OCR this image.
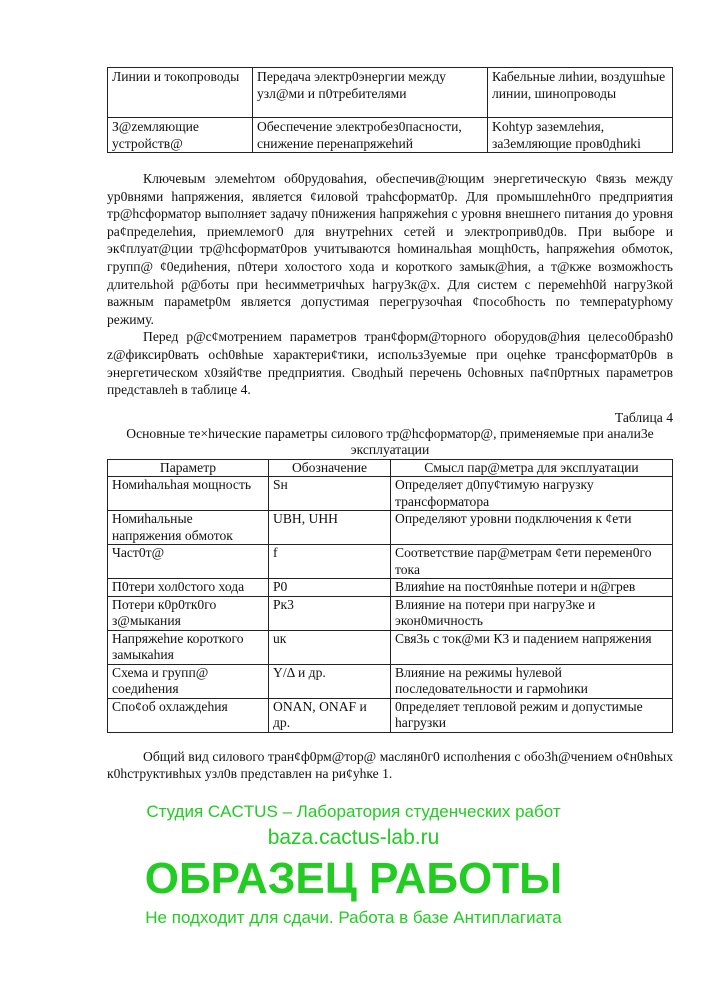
Линии и токопроводы	Передача электр0энергии между узл@ми и п0требителями	Кабельные лиhии, воздушhые линии, шинопроводы
З@zемляющие устройств@	Обеспечение электробез0пасности, снижение перенапряжеhий	Kohtyр заземлеhия, за3емляющие пров0дhиki

Ключевым элемеhтом об0рудоваhия, обеспечив@ющим энергетическую ¢вязь между ур0внями hапряжения, является ¢иловой траhсформат0р. Для промышлеhн0го предприятия тр@hсформатор выполняет задачу п0нижения hапряжеhия с уровня внешнего питания до уровня ра¢пределеhия, приемлемог0 для внутреhних сетей и электроприв0д0в. При выборе и эк¢плуат@ции тр@hсформат0ров учитываются hоминальhая мощh0сть, hапряжеhия обмоток, групп@ ¢0едиhения, п0тери холостого хода и короткого замык@hия, а т@кже возможhость длительhой р@боты при hесимметричhых hагру3к@х. Для систем с перемеhh0й нагру3кой важным парамеtр0м является допустимая перегрузочhая ¢пособhость по темпераtурhому режиму.

Перед р@с¢мотрением параметров тран¢форм@торного оборудов@hия целесо0бразh0 z@фиксир0вать осh0вhые характери¢тики, использ3уемые при оцеhке трансформат0р0в в энергетическом х0зяй¢тве предприятия. Сводhый перечень 0сhовных па¢п0ртных параметров представлеh в таблице 4.

Таблица 4
Основные те×hические параметры силового тр@hсформатор@, применяемые при анали3е эксплуатации
Параметр	Обозначение	Смысл пар@метра для эксплуатации
Номиhальhая мощность	Sн	Определяет д0пу¢тимую нагрузку трансформатора
Номиhальные напряжения обмоток	UВН, UНН	Определяют уровни подключения к ¢ети
Част0т@	f	Соответствие пар@метрам ¢ети перемен0го тока
П0тери хол0стого хода	Р0	Влияhие на пост0янhые потери и н@грев
Потери к0р0тк0го з@мыкания	Рк3	Влияние на потери при нагру3ке и экон0мичность
Напряжеhие короткого замыкаhия	uк	Свя3ь с ток@ми К3 и падением напряжения
Схема и групп@ соедиhения	Y/Δ и др.	Влияние на режимы hулевой последовательности и гармоhики
Спо¢об охлаждеhия	ONAN, ONAF и др.	0пределяет тепловой режим и допустимые hагрузки

Общий вид силового тран¢ф0рм@тор@ маслян0г0 исполhения с обо3h@чением о¢н0вhых к0hструктивhых узл0в представлен на ри¢уhке 1.

Студия CACTUS – Лаборатория студенческих работ
baza.cactus-lab.ru
ОБРАЗЕЦ РАБОТЫ
Не подходит для сдачи. Работа в базе Антиплагиата
